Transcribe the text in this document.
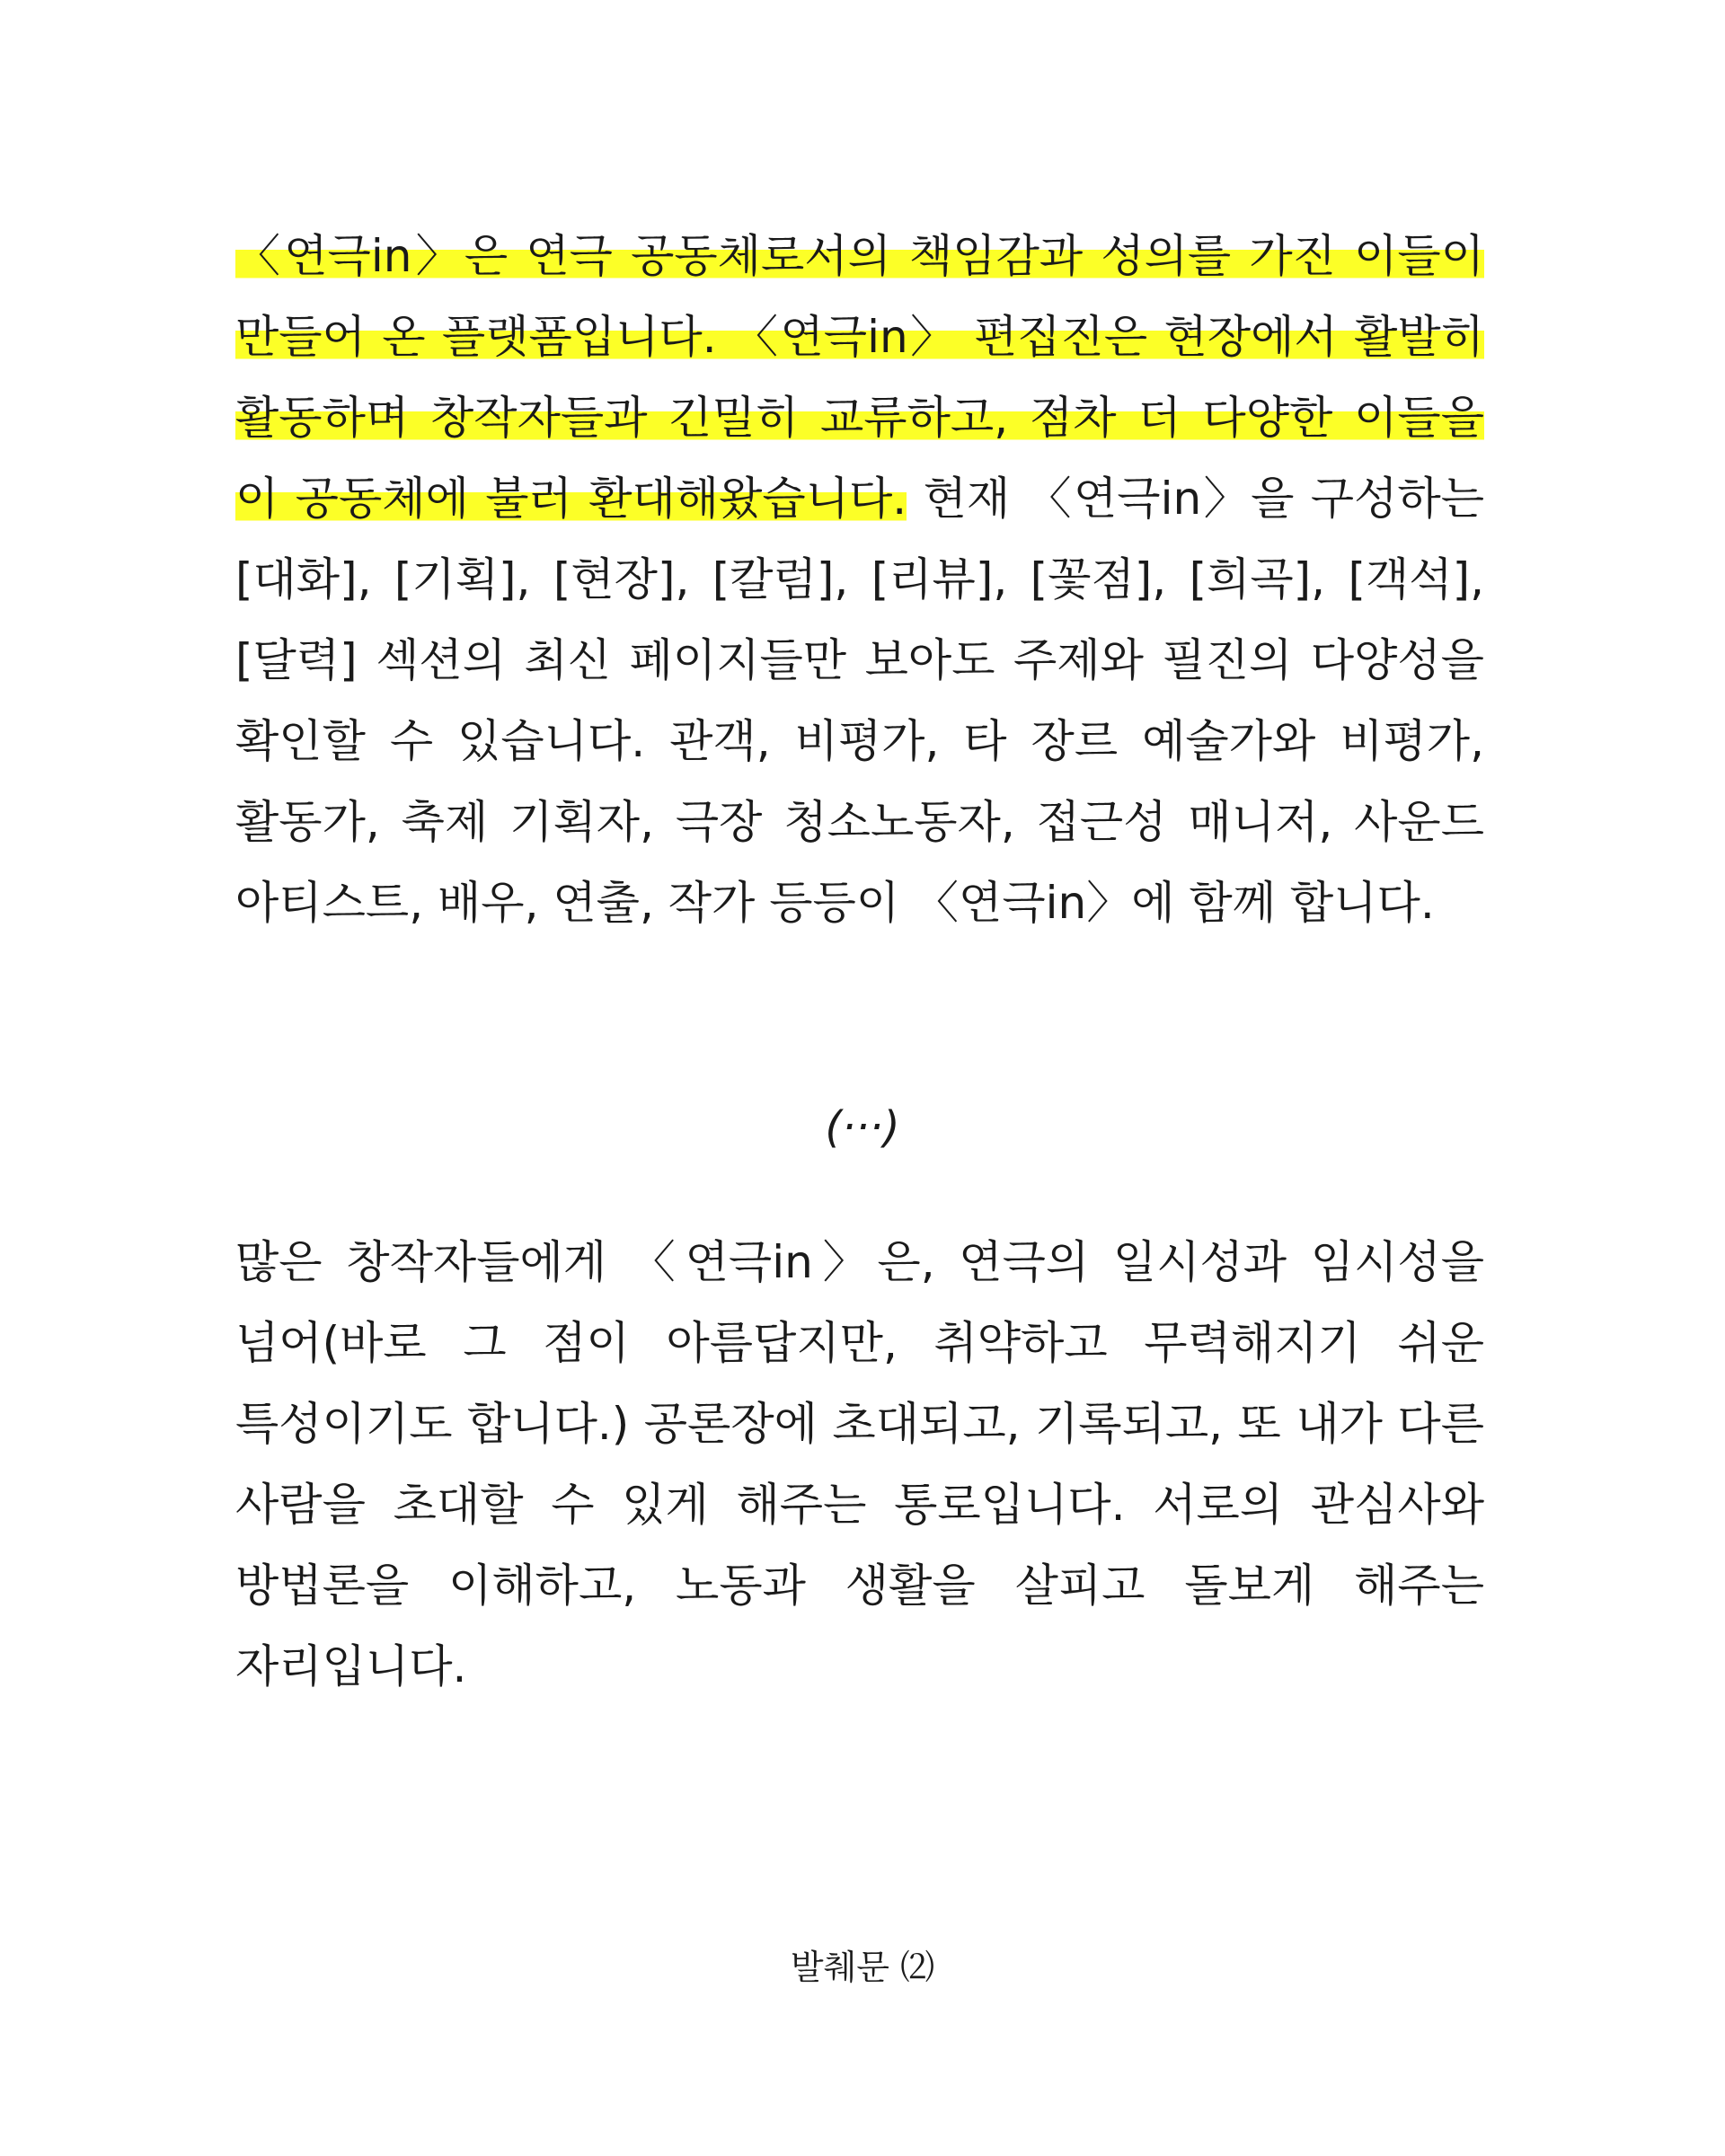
〈연극in〉은 연극 공동체로서의 책임감과 성의를 가진 이들이 만들어 온 플랫폼입니다. 〈연극in〉 편집진은 현장에서 활발히 활동하며 창작자들과 긴밀히 교류하고, 점차 더 다양한 이들을 이 공동체에 불러 환대해왔습니다. 현재 〈연극in〉을 구성하는 [대화], [기획], [현장], [칼럼], [리뷰], [꽃점], [희곡], [객석], [달력] 섹션의 최신 페이지들만 보아도 주제와 필진의 다양성을 확인할 수 있습니다. 관객, 비평가, 타 장르 예술가와 비평가, 활동가, 축제 기획자, 극장 청소노동자, 접근성 매니저, 사운드 아티스트, 배우, 연출, 작가 등등이 〈연극in〉에 함께 합니다.

(···)

많은 창작자들에게 〈연극in〉은, 연극의 일시성과 임시성을 넘어(바로 그 점이 아름답지만, 취약하고 무력해지기 쉬운 특성이기도 합니다.) 공론장에 초대되고, 기록되고, 또 내가 다른 사람을 초대할 수 있게 해주는 통로입니다. 서로의 관심사와 방법론을 이해하고, 노동과 생활을 살피고 돌보게 해주는 자리입니다.

발췌문 ⑵
